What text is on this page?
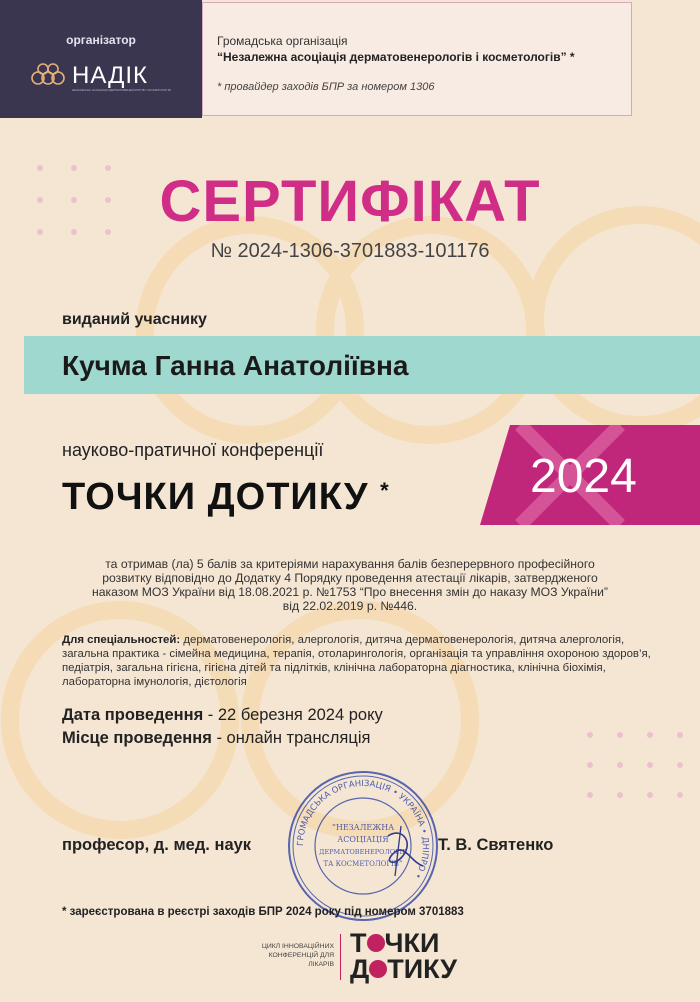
організатор
НАДІК
НЕЗАЛЕЖНА АСОЦІАЦІЯ ДЕРМАТОВЕНЕРОЛОГІВ І КОСМЕТОЛОГІВ
Громадська організація
“Незалежна асоціація дерматовенерологів і косметологів” *
* провайдер заходів БПР за номером 1306
СЕРТИФІКАТ
№ 2024-1306-3701883-101176
виданий учаснику
Кучма Ганна Анатоліївна
науково-пратичної конференції
ТОЧКИ ДОТИКУ *	2024
та отримав (ла) 5 балів за критеріями нарахування балів безперервного професійного
розвитку відповідно до Додатку 4 Порядку проведення атестації лікарів, затвердженого
наказом МОЗ України від 18.08.2021 р. №1753 “Про внесення змін до наказу МОЗ України”
від 22.02.2019 р. №446.
Для спеціальностей: дерматовенерологія, алергологія, дитяча дерматовенерологія, дитяча алергологія, загальна практика - сімейна медицина, терапія, отоларингологія, організація та управління охороною здоров’я, педіатрія, загальна гігієна, гігієна дітей та підлітків, клінічна лабораторна діагностика, клінічна біохімія, лабораторна імунологія, дієтологія
Дата проведення - 22 березня 2024 року
Місце проведення - онлайн трансляція
ГРОМАДСЬКА ОРГАНІЗАЦІЯ • УКРАЇНА • ДНІПРО •
“НЕЗАЛЕЖНА
АСОЦІАЦІЯ
ДЕРМАТОВЕНЕРОЛОГІВ
ТА КОСМЕТОЛОГІВ”
професор, д. мед. наук	Т. В. Святенко
* зареєстрована в реєстрі заходів БПР 2024 року під номером 3701883
ЦИКЛ ІННОВАЦІЙНИХ
КОНФЕРЕНЦІЙ ДЛЯ
ЛІКАРІВ
Т ЧКИ
Д ТИКУ
